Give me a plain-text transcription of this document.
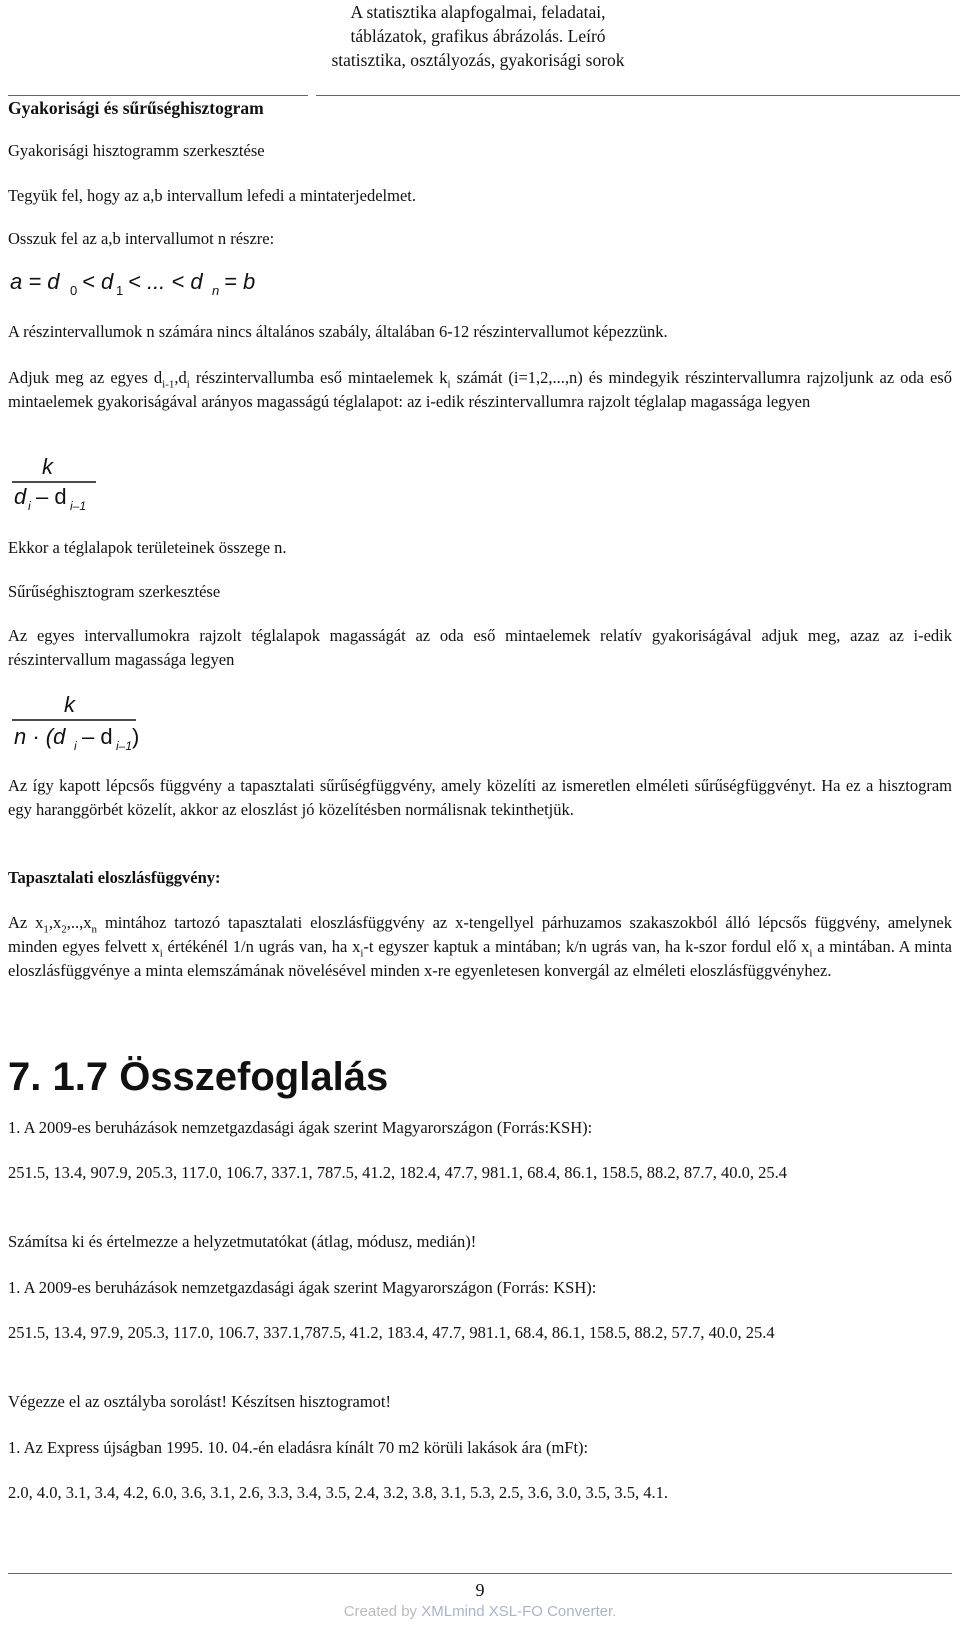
A statisztika alapfogalmai, feladatai, táblázatok, grafikus ábrázolás. Leíró statisztika, osztályozás, gyakorisági sorok
Gyakorisági és sűrűséghisztogram
Gyakorisági hisztogramm szerkesztése
Tegyük fel, hogy az a,b intervallum lefedi a mintaterjedelmet.
Osszuk fel az a,b intervallumot n részre:
a = d 0 < d 1 < ... < d n = b
A részintervallumok n számára nincs általános szabály, általában 6-12 részintervallumot képezzünk.
Adjuk meg az egyes $d_{i-1},d_i$ részintervallumba eső mintaelemek $k_i$ számát (i=1,2,...,n) és mindegyik részintervallumra rajzoljunk az oda eső mintaelemek gyakoriságával arányos magasságú téglalapot: az i-edik részintervallumra rajzolt téglalap magassága legyen
k
d i – d i–1
Ekkor a téglalapok területeinek összege n.
Sűrűséghisztogram szerkesztése
Az egyes intervallumokra rajzolt téglalapok magasságát az oda eső mintaelemek relatív gyakoriságával adjuk meg, azaz az i-edik részintervallum magassága legyen
k
n · (d i – d i–1 )
Az így kapott lépcsős függvény a tapasztalati sűrűségfüggvény, amely közelíti az ismeretlen elméleti sűrűségfüggvényt. Ha ez a hisztogram egy haranggörbét közelít, akkor az eloszlást jó közelítésben normálisnak tekinthetjük.
Tapasztalati eloszlásfüggvény:
Az $x_1,x_2,..,x_n$ mintához tartozó tapasztalati eloszlásfüggvény az x-tengellyel párhuzamos szakaszokból álló lépcsős függvény, amelynek minden egyes felvett $x_i$ értékénél 1/n ugrás van, ha $x_i-t$ egyszer kaptuk a mintában; k/n ugrás van, ha k-szor fordul elő $x_i$ a mintában. A minta eloszlásfüggvénye a minta elemszámának növelésével minden x-re egyenletesen konvergál az elméleti eloszlásfüggvényhez.
7. 1.7 Összefoglalás
1. A 2009-es beruházások nemzetgazdasági ágak szerint Magyarországon (Forrás:KSH):
251.5, 13.4, 907.9, 205.3, 117.0, 106.7, 337.1, 787.5, 41.2, 182.4, 47.7, 981.1, 68.4, 86.1, 158.5, 88.2, 87.7, 40.0, 25.4
Számítsa ki és értelmezze a helyzetmutatókat (átlag, módusz, medián)!
1. A 2009-es beruházások nemzetgazdasági ágak szerint Magyarországon (Forrás: KSH):
251.5, 13.4, 97.9, 205.3, 117.0, 106.7, 337.1,787.5, 41.2, 183.4, 47.7, 981.1, 68.4, 86.1, 158.5, 88.2, 57.7, 40.0, 25.4
Végezze el az osztályba sorolást! Készítsen hisztogramot!
1. Az Express újságban 1995. 10. 04.-én eladásra kínált 70 m2 körüli lakások ára (mFt):
2.0, 4.0, 3.1, 3.4, 4.2, 6.0, 3.6, 3.1, 2.6, 3.3, 3.4, 3.5, 2.4, 3.2, 3.8, 3.1, 5.3, 2.5, 3.6, 3.0, 3.5, 3.5, 4.1.
9
Created by XMLmind XSL-FO Converter.
